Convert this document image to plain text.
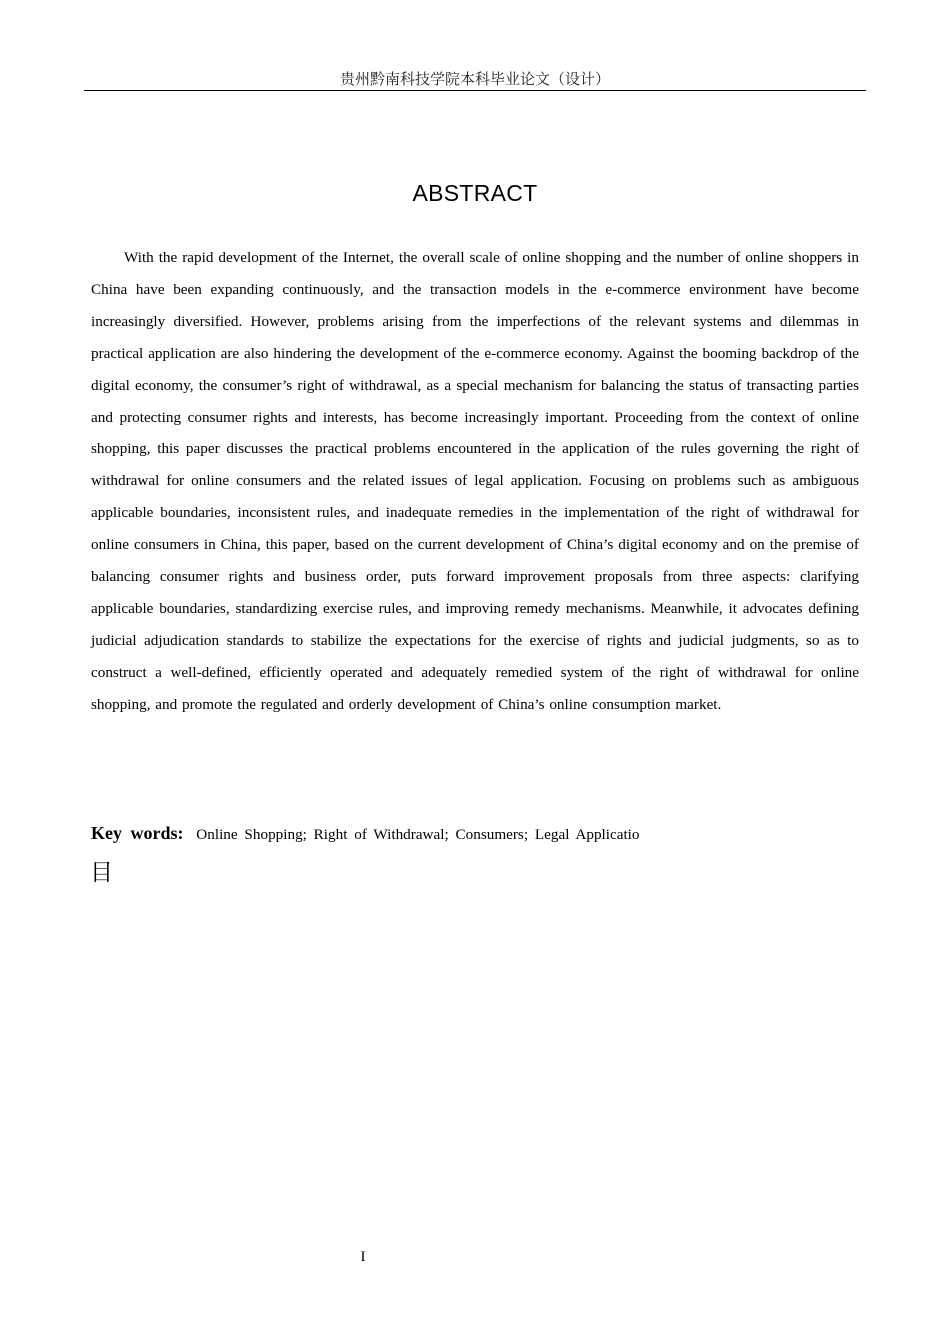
贵州黔南科技学院本科毕业论文（设计）
ABSTRACT

With the rapid development of the Internet, the overall scale of online shopping and the number of online shoppers in China have been expanding continuously, and the transaction models in the e-commerce environment have become increasingly diversified. However, problems arising from the imperfections of the relevant systems and dilemmas in practical application are also hindering the development of the e-commerce economy. Against the booming backdrop of the digital economy, the consumer’s right of withdrawal, as a special mechanism for balancing the status of transacting parties and protecting consumer rights and interests, has become increasingly important. Proceeding from the context of online shopping, this paper discusses the practical problems encountered in the application of the rules governing the right of withdrawal for online consumers and the related issues of legal application. Focusing on problems such as ambiguous applicable boundaries, inconsistent rules, and inadequate remedies in the implementation of the right of withdrawal for online consumers in China, this paper, based on the current development of China’s digital economy and on the premise of balancing consumer rights and business order, puts forward improvement proposals from three aspects: clarifying applicable boundaries, standardizing exercise rules, and improving remedy mechanisms. Meanwhile, it advocates defining judicial adjudication standards to stabilize the expectations for the exercise of rights and judicial judgments, so as to construct a well-defined, efficiently operated and adequately remedied system of the right of withdrawal for online shopping, and promote the regulated and orderly development of China’s online consumption market.

Key words: Online Shopping; Right of Withdrawal; Consumers; Legal Applicatio
目
I
